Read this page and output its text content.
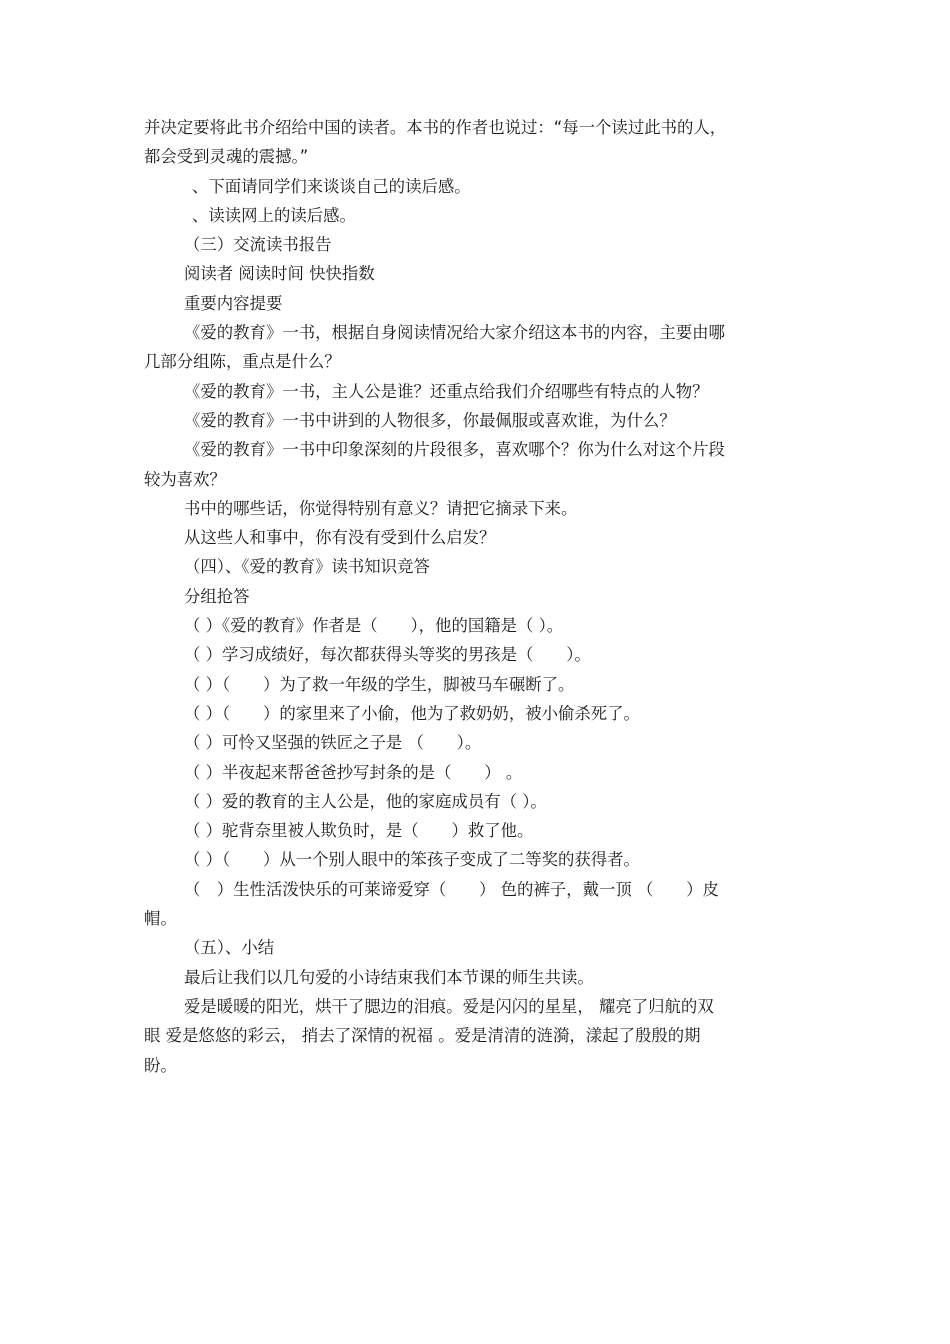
并决定要将此书介绍给中国的读者。本书的作者也说过：“每一个读过此书的人，
都会受到灵魂的震撼。”
、下面请同学们来谈谈自己的读后感。
、读读网上的读后感。
（三）交流读书报告
阅读者 阅读时间 快快指数
重要内容提要
《爱的教育》一书，根据自身阅读情况给大家介绍这本书的内容，主要由哪
几部分组陈，重点是什么？
《爱的教育》一书，主人公是谁？还重点给我们介绍哪些有特点的人物？
《爱的教育》一书中讲到的人物很多，你最佩服或喜欢谁，为什么？
《爱的教育》一书中印象深刻的片段很多，喜欢哪个？你为什么对这个片段
较为喜欢？
书中的哪些话，你觉得特别有意义？请把它摘录下来。
从这些人和事中，你有没有受到什么启发？
（四）、《爱的教育》读书知识竞答
分组抢答
（ ）《爱的教育》作者是（　　），他的国籍是（ ）。
（ ）学习成绩好，每次都获得头等奖的男孩是（　　）。
（ ）（　　）为了救一年级的学生，脚被马车碾断了。
（ ）（　　）的家里来了小偷，他为了救奶奶，被小偷杀死了。
（ ）可怜又坚强的铁匠之子是 （　　）。
（ ）半夜起来帮爸爸抄写封条的是（　　） 。
（ ）爱的教育的主人公是，他的家庭成员有（ ）。
（ ）驼背奈里被人欺负时，是（　　）救了他。
（ ）（　　）从一个别人眼中的笨孩子变成了二等奖的获得者。
（　）生性活泼快乐的可莱谛爱穿（　　） 色的裤子，戴一顶 （　　）皮
帽。
（五）、小结
最后让我们以几句爱的小诗结束我们本节课的师生共读。
爱是暖暖的阳光，烘干了腮边的泪痕。爱是闪闪的星星， 耀亮了归航的双
眼 爱是悠悠的彩云， 捎去了深情的祝福 。爱是清清的涟漪，漾起了殷殷的期
盼。
